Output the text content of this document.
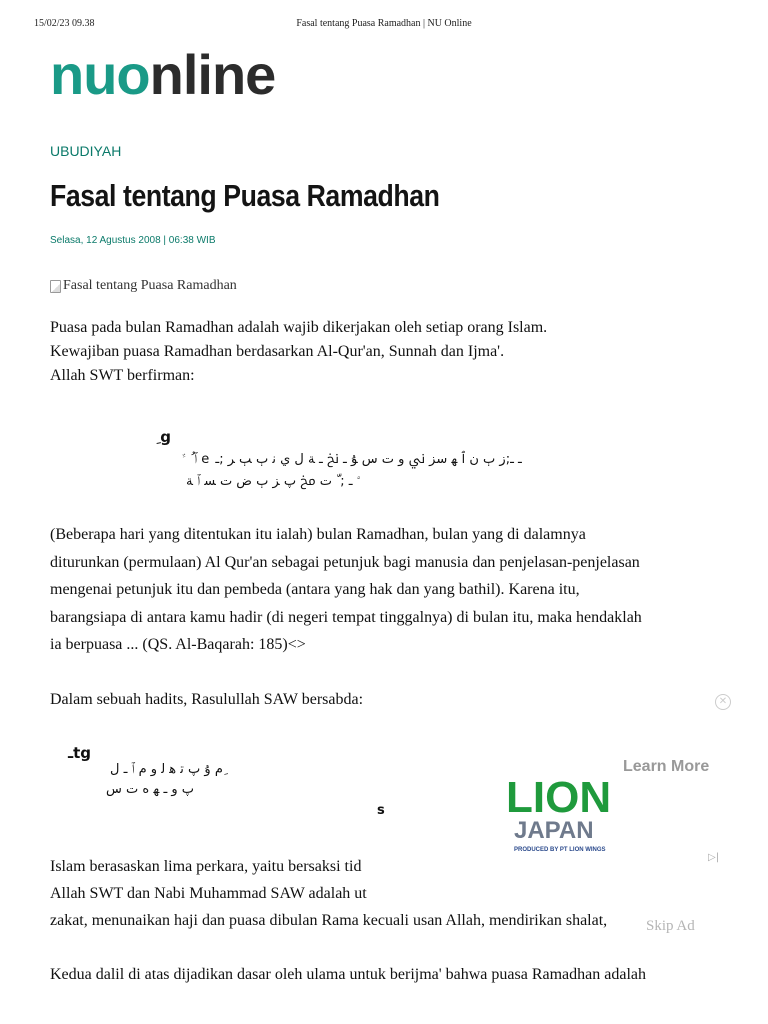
15/02/23 09.38	Fasal tentang Puasa Ramadhan | NU Online
nuonline
UBUDIYAH
Fasal tentang Puasa Ramadhan
Selasa, 12 Agustus 2008 | 06:38 WIB
Fasal tentang Puasa Ramadhan

Puasa pada bulan Ramadhan adalah wajib dikerjakan oleh setiap orang Islam.
Kewajiban puasa Ramadhan berdasarkan Al-Qur'an, Sunnah dan Ijma'.
Allah SWT berfirman:

ِ g
ﭐ ُ ﱢ e ـ ـ;ﺯ ﭒ ﻥ ﭐ ﻬ ﺳﺰ ﱐ ﻭ ﺕ ﺱ ﯘ ـ ﱍ ـ ﺔ ﻝ ﻱ ﻧ ﭒ ﭓ ﺮ ;ـ
ﱠ ـ ; ّ ﺕ ﱇ ﭖ ﺰ ﭒ ﺽ ﺕ ﺴ ﭐ ﺔ
ـtg
ﻡ ﯗ ﭖ ﺗ ﻫ ﻟ ﻭ ﻡ ﭐ ـ ﻝ ِ
ﭖ ﻭ ـ ﻬ ﻩ ﺕ ﺱ
s

(Beberapa hari yang ditentukan itu ialah) bulan Ramadhan, bulan yang di dalamnya
diturunkan (permulaan) Al Qur'an sebagai petunjuk bagi manusia dan penjelasan-penjelasan
mengenai petunjuk itu dan pembeda (antara yang hak dan yang bathil). Karena itu,
barangsiapa di antara kamu hadir (di negeri tempat tinggalnya) di bulan itu, maka hendaklah
ia berpuasa ... (QS. Al-Baqarah: 185)<>

Dalam sebuah hadits, Rasulullah SAW bersabda:

Islam berasaskan lima perkara, yaitu bersaksi tid
Allah SWT dan Nabi Muhammad SAW adalah ut

zakat, menunaikan haji dan puasa dibulan Rama kecuali usan Allah, mendirikan shalat,

Kedua dalil di atas dijadikan dasar oleh ulama untuk berijma' bahwa puasa Ramadhan adalah

✕
Learn More
LION
JAPAN
PRODUCED BY PT LION WINGS
▷|
Skip Ad
